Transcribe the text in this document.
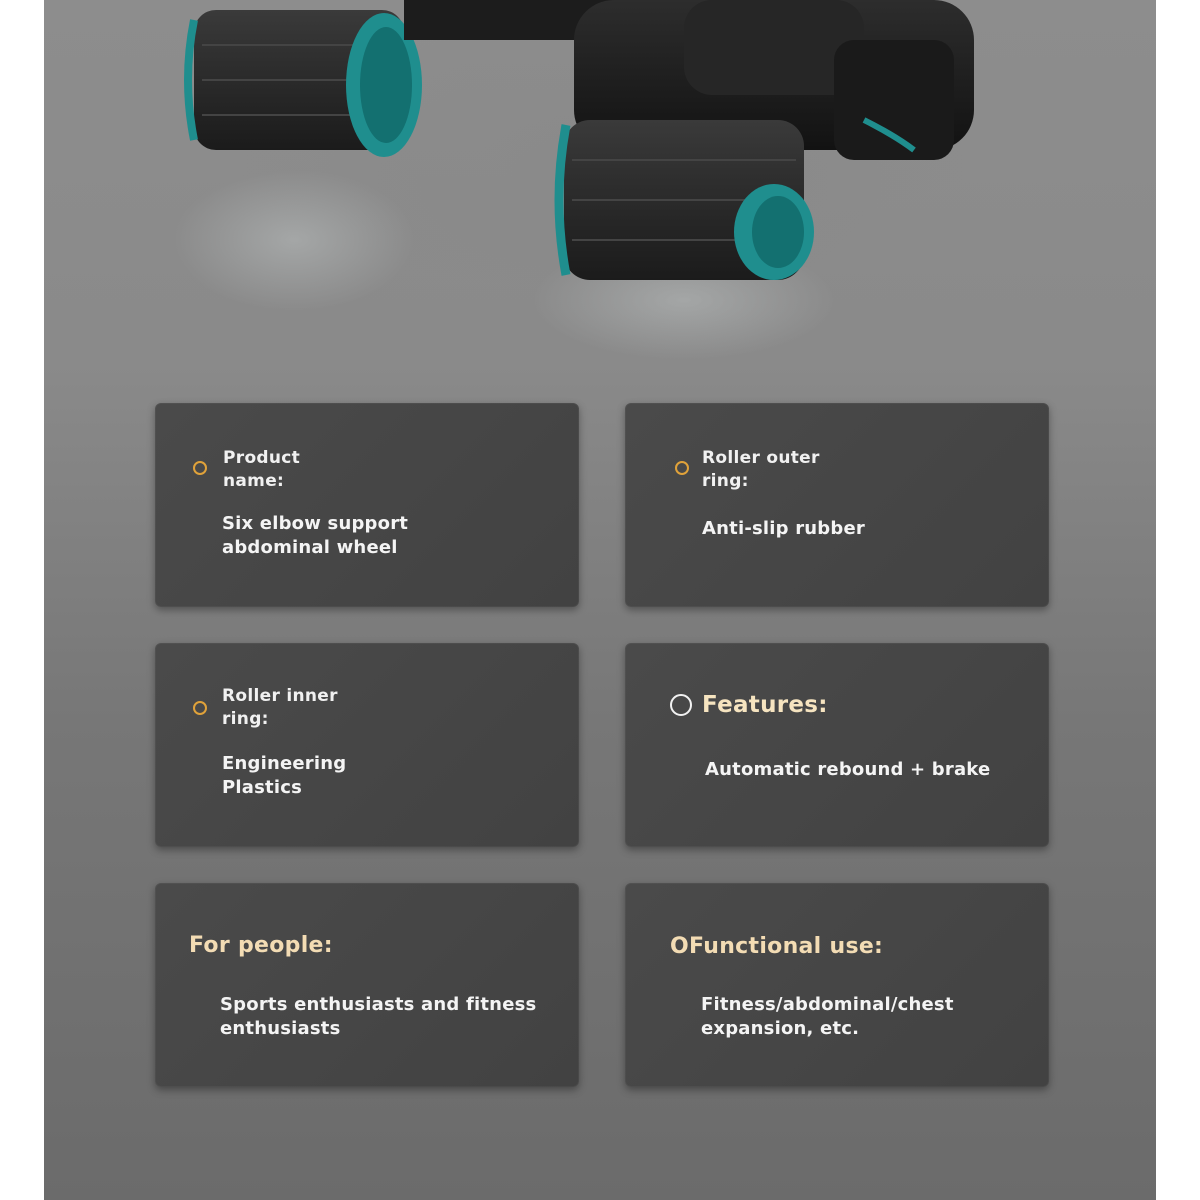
Product
name:
Six elbow support
abdominal wheel
Roller outer
ring:
Anti-slip rubber
Roller inner
ring:
Engineering
Plastics
Features:
Automatic rebound + brake
For people:
Sports enthusiasts and fitness
enthusiasts
OFunctional use:
Fitness/abdominal/chest
expansion, etc.
